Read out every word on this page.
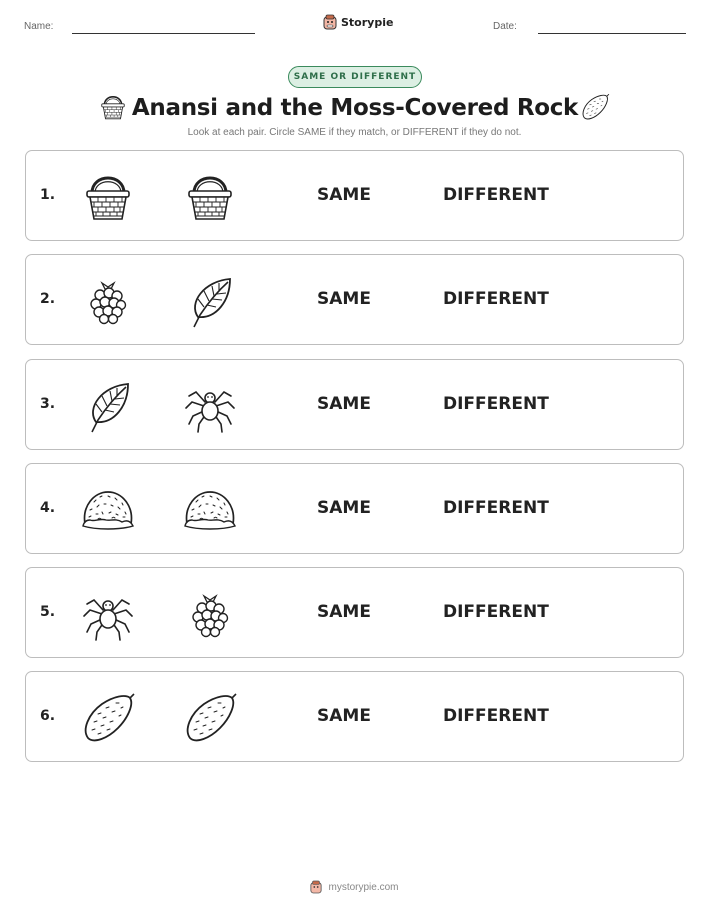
Name:	Storypie	Date:
SAME OR DIFFERENT
Anansi and the Moss-Covered Rock
Look at each pair. Circle SAME if they match, or DIFFERENT if they do not.
1.	SAME	DIFFERENT
2.	SAME	DIFFERENT
3.	SAME	DIFFERENT
4.	SAME	DIFFERENT
5.	SAME	DIFFERENT
6.	SAME	DIFFERENT
mystorypie.com
